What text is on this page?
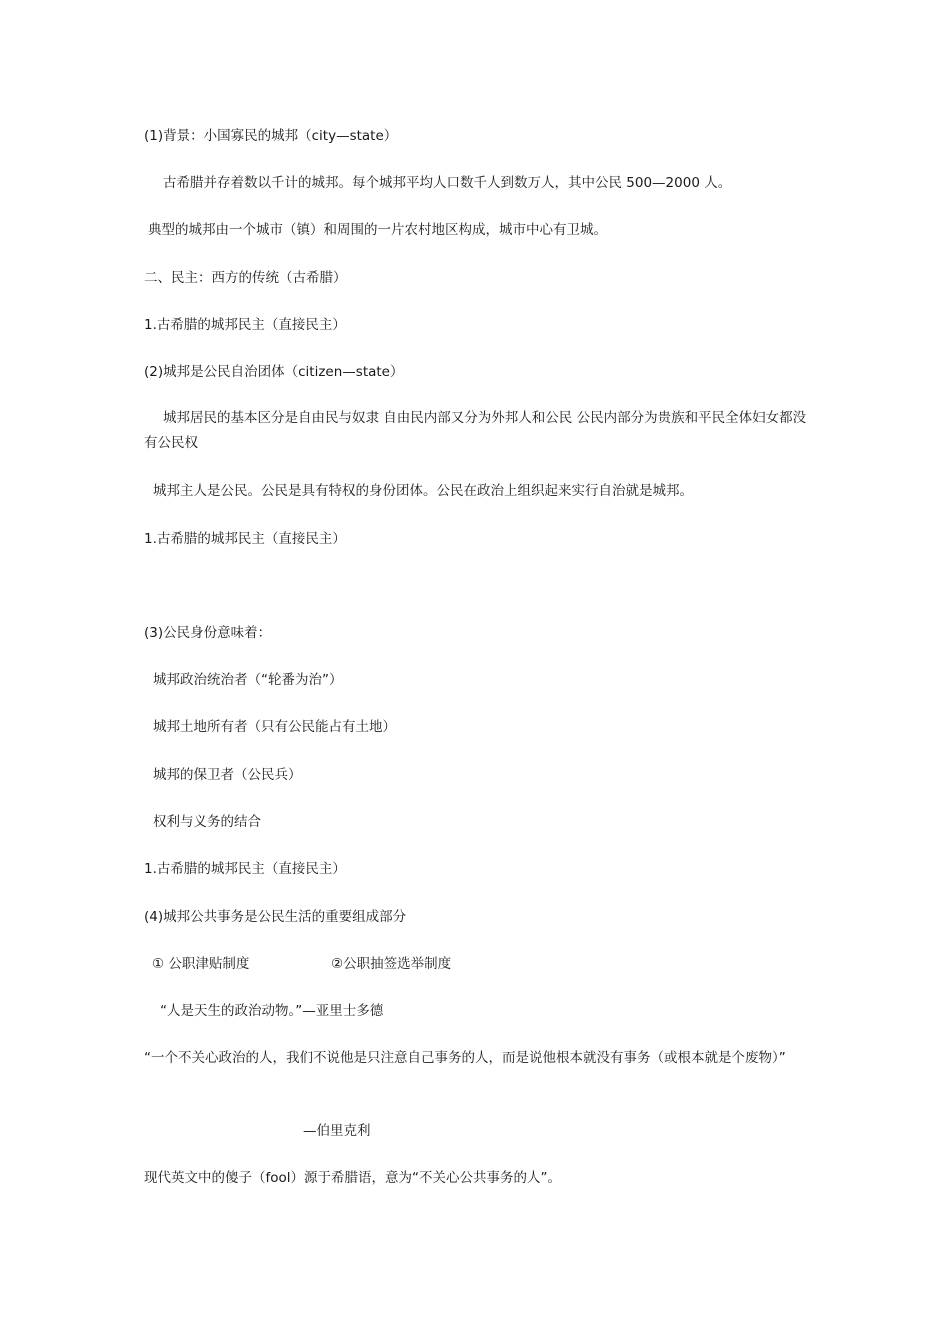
(1)背景：小国寡民的城邦（city—state）
古希腊并存着数以千计的城邦。每个城邦平均人口数千人到数万人，其中公民 500—2000 人。
典型的城邦由一个城市（镇）和周围的一片农村地区构成，城市中心有卫城。
二、民主：西方的传统（古希腊）
1.古希腊的城邦民主（直接民主）
(2)城邦是公民自治团体（citizen—state）
城邦居民的基本区分是自由民与奴隶 自由民内部又分为外邦人和公民 公民内部分为贵族和平民全体妇女都没有公民权
城邦主人是公民。公民是具有特权的身份团体。公民在政治上组织起来实行自治就是城邦。
1.古希腊的城邦民主（直接民主）
(3)公民身份意味着：
城邦政治统治者（“轮番为治”）
城邦土地所有者（只有公民能占有土地）
城邦的保卫者（公民兵）
权利与义务的结合
1.古希腊的城邦民主（直接民主）
(4)城邦公共事务是公民生活的重要组成部分
① 公职津贴制度	②公职抽签选举制度
“人是天生的政治动物。”—亚里士多德
“一个不关心政治的人，我们不说他是只注意自己事务的人，而是说他根本就没有事务（或根本就是个废物）”
—伯里克利
现代英文中的傻子（fool）源于希腊语，意为“不关心公共事务的人”。
